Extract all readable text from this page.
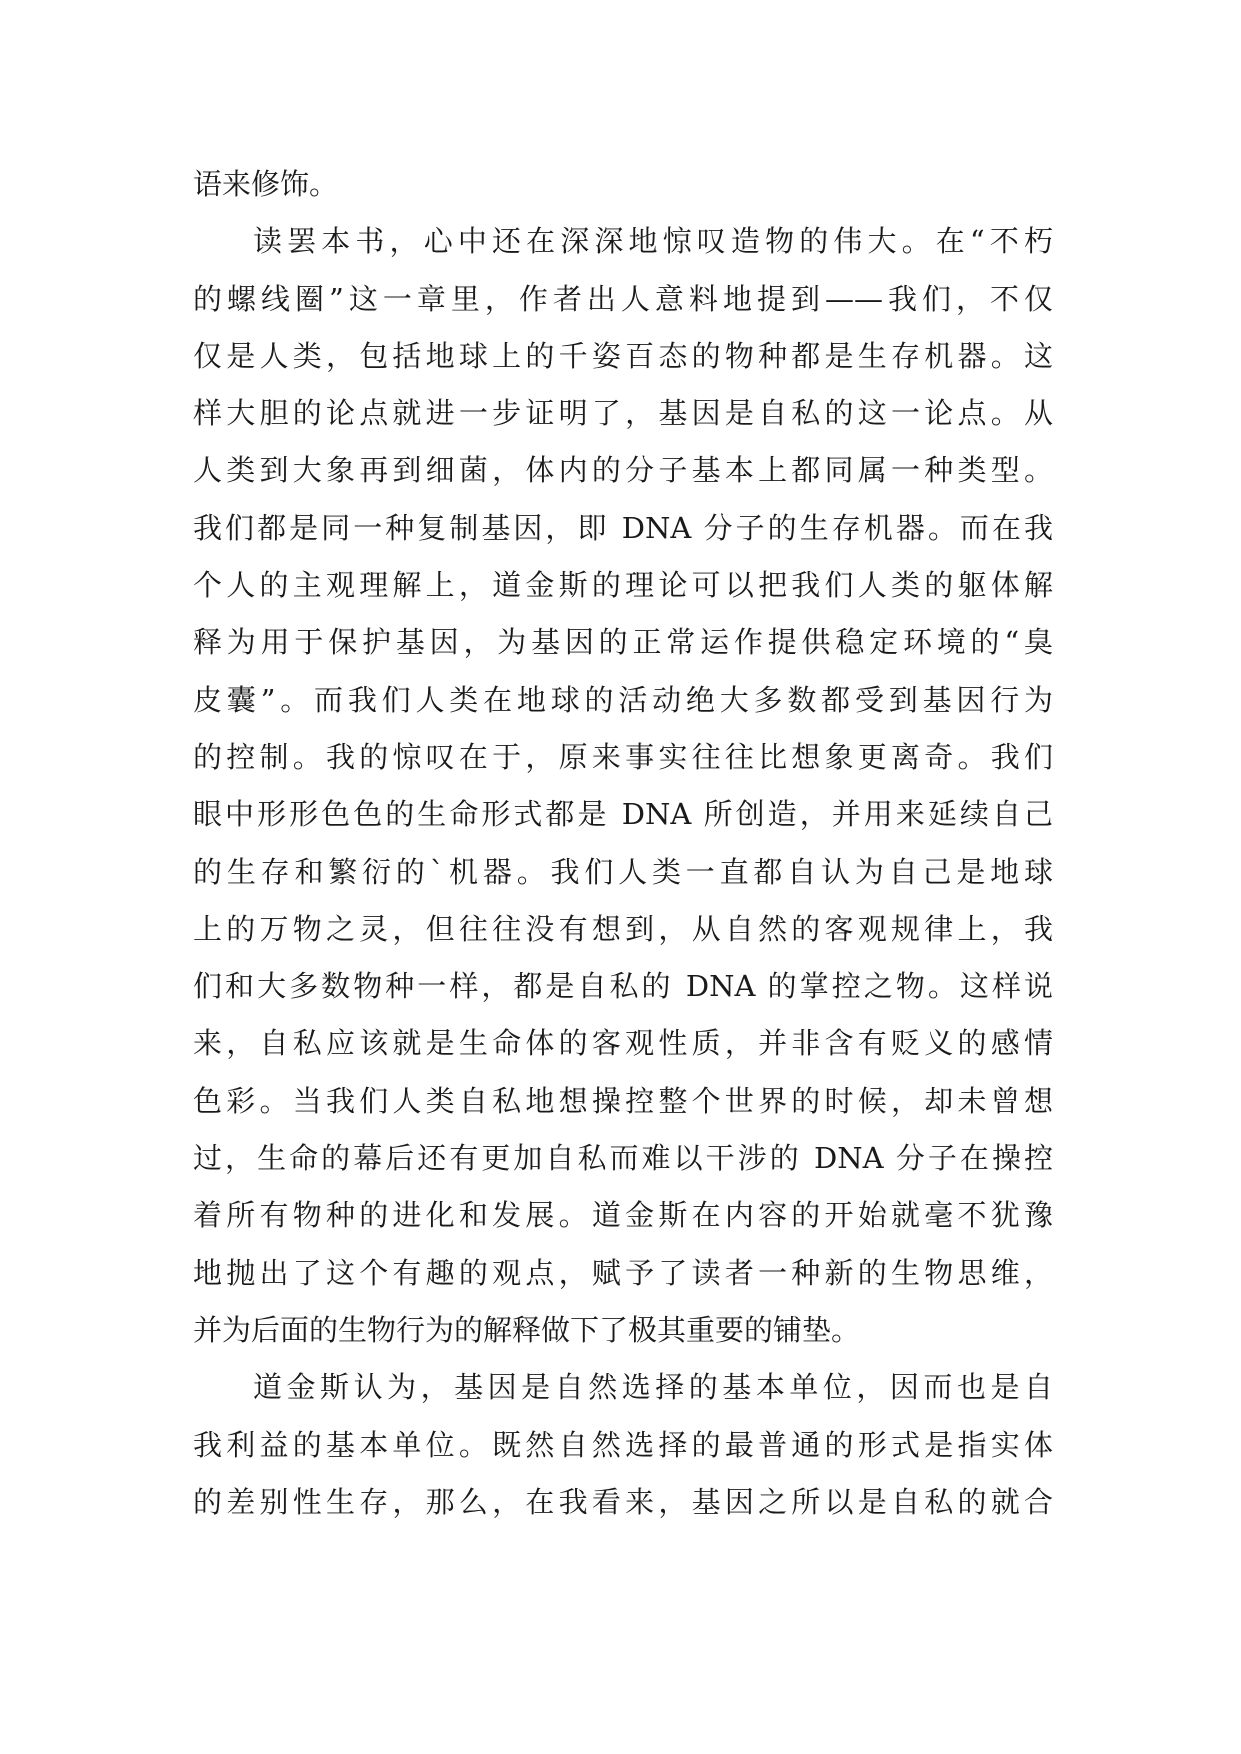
语来修饰。
读罢本书，心中还在深深地惊叹造物的伟大。在“不朽
的螺线圈”这一章里，作者出人意料地提到——我们，不仅
仅是人类，包括地球上的千姿百态的物种都是生存机器。这
样大胆的论点就进一步证明了，基因是自私的这一论点。从
人类到大象再到细菌，体内的分子基本上都同属一种类型。
我们都是同一种复制基因，即 DNA 分子的生存机器。而在我
个人的主观理解上，道金斯的理论可以把我们人类的躯体解
释为用于保护基因，为基因的正常运作提供稳定环境的“臭
皮囊”。而我们人类在地球的活动绝大多数都受到基因行为
的控制。我的惊叹在于，原来事实往往比想象更离奇。我们
眼中形形色色的生命形式都是 DNA 所创造，并用来延续自己
的生存和繁衍的`机器。我们人类一直都自认为自己是地球
上的万物之灵，但往往没有想到，从自然的客观规律上，我
们和大多数物种一样，都是自私的 DNA 的掌控之物。这样说
来，自私应该就是生命体的客观性质，并非含有贬义的感情
色彩。当我们人类自私地想操控整个世界的时候，却未曾想
过，生命的幕后还有更加自私而难以干涉的 DNA 分子在操控
着所有物种的进化和发展。道金斯在内容的开始就毫不犹豫
地抛出了这个有趣的观点，赋予了读者一种新的生物思维，
并为后面的生物行为的解释做下了极其重要的铺垫。
道金斯认为，基因是自然选择的基本单位，因而也是自
我利益的基本单位。既然自然选择的最普通的形式是指实体
的差别性生存，那么，在我看来，基因之所以是自私的就合
